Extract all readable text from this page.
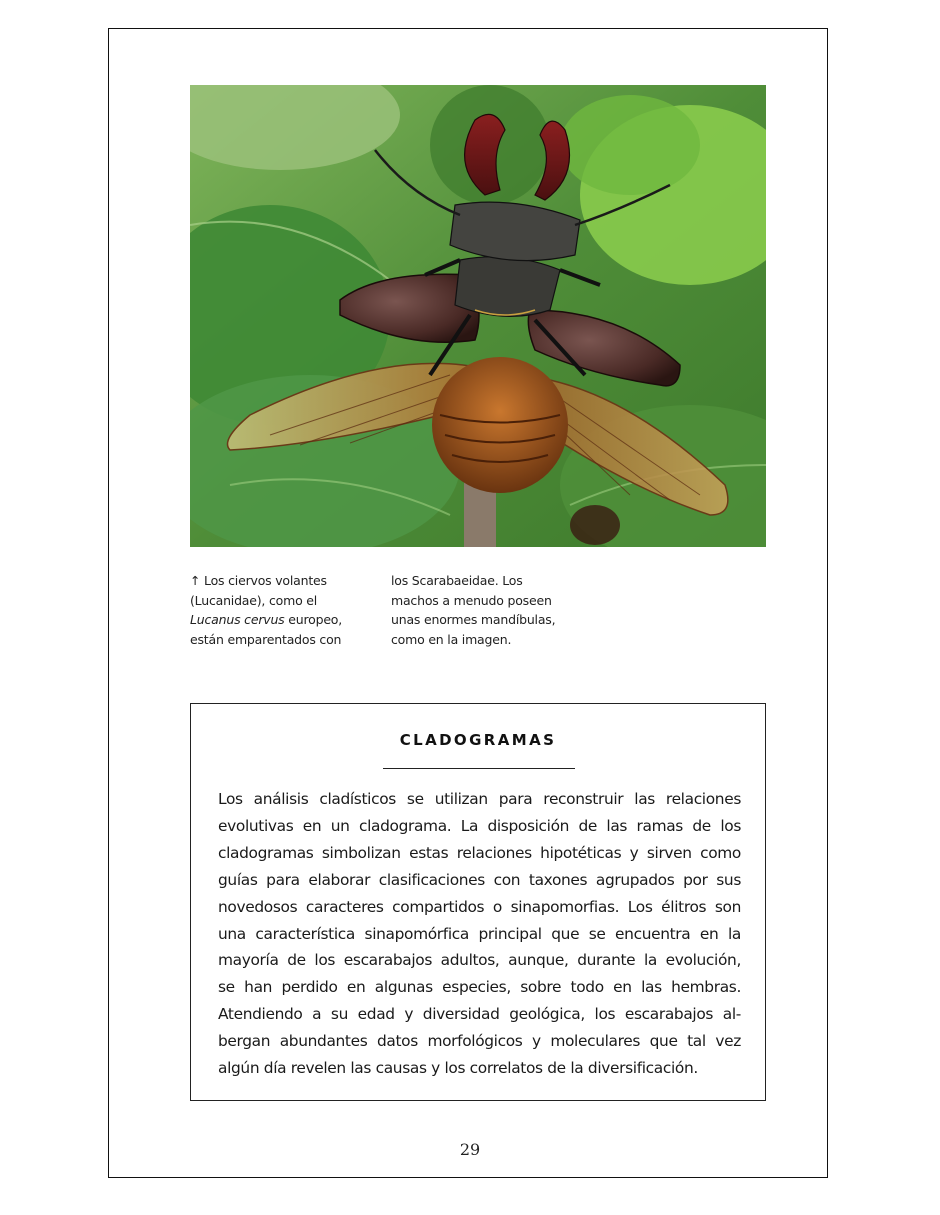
↑ Los ciervos volantes
(Lucanidae), como el
Lucanus cervus europeo,
están emparentados con
los Scarabaeidae. Los
machos a menudo poseen
unas enormes mandíbulas,
como en la imagen.
CLADOGRAMAS
Los análisis cladísticos se utilizan para reconstruir las relaciones
evolutivas en un cladograma. La disposición de las ramas de los
cladogramas simbolizan estas relaciones hipotéticas y sirven como
guías para elaborar clasificaciones con taxones agrupados por sus
novedosos caracteres compartidos o sinapomorfias. Los élitros son
una característica sinapomórfica principal que se encuentra en la
mayoría de los escarabajos adultos, aunque, durante la evolución,
se han perdido en algunas especies, sobre todo en las hembras.
Atendiendo a su edad y diversidad geológica, los escarabajos al-
bergan abundantes datos morfológicos y moleculares que tal vez
algún día revelen las causas y los correlatos de la diversificación.
29
